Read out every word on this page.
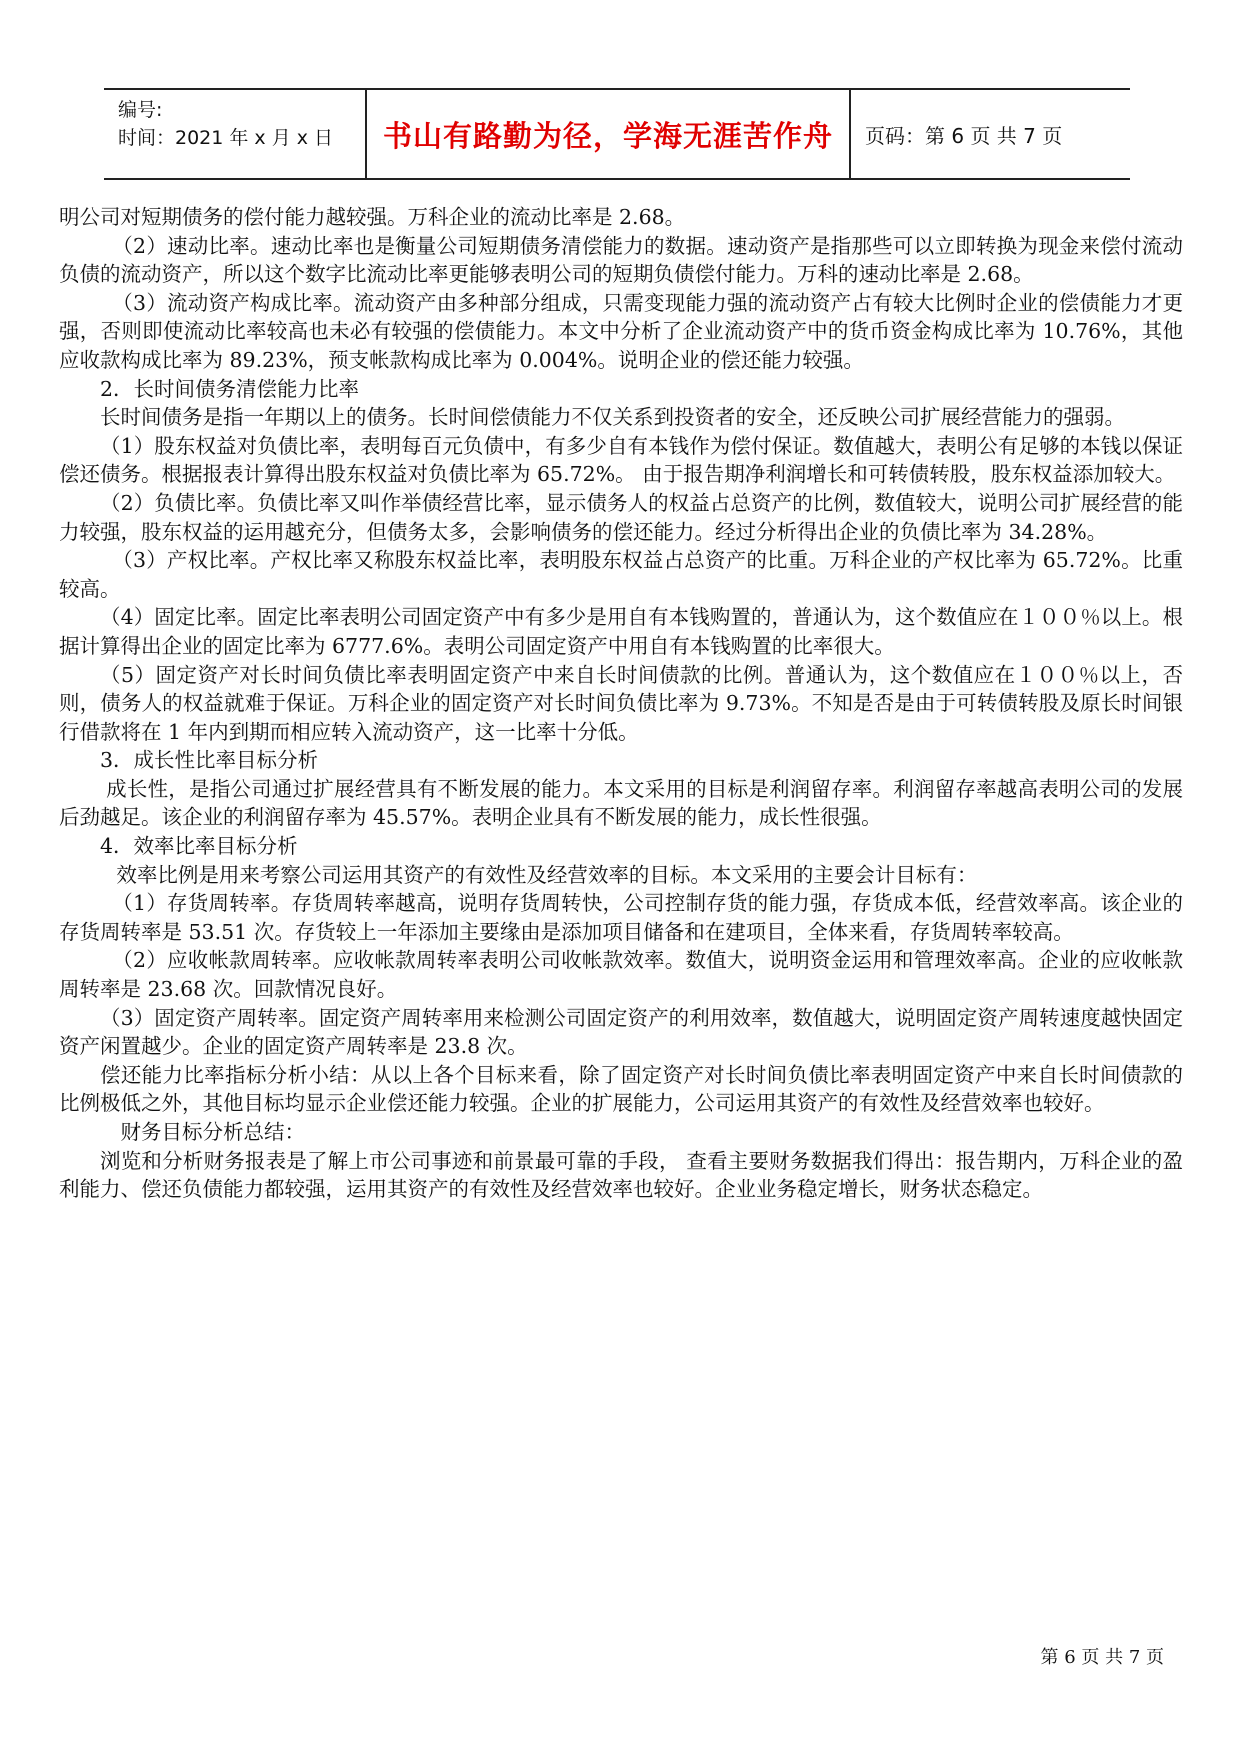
编号:
时间：2021 年 x 月 x 日	书山有路勤为径，学海无涯苦作舟 页码：第 6 页 共 7 页

明公司对短期债务的偿付能力越较强。万科企业的流动比率是 2.68。

（2）速动比率。速动比率也是衡量公司短期债务清偿能力的数据。速动资产是指那些可以立即转换为现金来偿付流动负债的流动资产，所以这个数字比流动比率更能够表明公司的短期负债偿付能力。万科的速动比率是 2.68。

（3）流动资产构成比率。流动资产由多种部分组成，只需变现能力强的流动资产占有较大比例时企业的偿债能力才更强，否则即使流动比率较高也未必有较强的偿债能力。本文中分析了企业流动资产中的货币资金构成比率为 10.76%，其他应收款构成比率为 89.23%，预支帐款构成比率为 0.004%。说明企业的偿还能力较强。

2．长时间债务清偿能力比率

长时间债务是指一年期以上的债务。长时间偿债能力不仅关系到投资者的安全，还反映公司扩展经营能力的强弱。

（1）股东权益对负债比率，表明每百元负债中，有多少自有本钱作为偿付保证。数值越大，表明公有足够的本钱以保证偿还债务。根据报表计算得出股东权益对负债比率为 65.72%。 由于报告期净利润增长和可转债转股，股东权益添加较大。

（2）负债比率。负债比率又叫作举债经营比率，显示债务人的权益占总资产的比例，数值较大，说明公司扩展经营的能力较强，股东权益的运用越充分，但债务太多，会影响债务的偿还能力。经过分析得出企业的负债比率为 34.28%。

（3）产权比率。产权比率又称股东权益比率，表明股东权益占总资产的比重。万科企业的产权比率为 65.72%。比重较高。

（4）固定比率。固定比率表明公司固定资产中有多少是用自有本钱购置的，普通认为，这个数值应在１００％以上。根据计算得出企业的固定比率为 6777.6%。表明公司固定资产中用自有本钱购置的比率很大。

（5）固定资产对长时间负债比率表明固定资产中来自长时间债款的比例。普通认为，这个数值应在１００％以上，否则，债务人的权益就难于保证。万科企业的固定资产对长时间负债比率为 9.73%。不知是否是由于可转债转股及原长时间银行借款将在 1 年内到期而相应转入流动资产，这一比率十分低。

3．成长性比率目标分析

成长性，是指公司通过扩展经营具有不断发展的能力。本文采用的目标是利润留存率。利润留存率越高表明公司的发展后劲越足。该企业的利润留存率为 45.57%。表明企业具有不断发展的能力，成长性很强。

4．效率比率目标分析

效率比例是用来考察公司运用其资产的有效性及经营效率的目标。本文采用的主要会计目标有：

（1）存货周转率。存货周转率越高，说明存货周转快，公司控制存货的能力强，存货成本低，经营效率高。该企业的存货周转率是 53.51 次。存货较上一年添加主要缘由是添加项目储备和在建项目，全体来看，存货周转率较高。

（2）应收帐款周转率。应收帐款周转率表明公司收帐款效率。数值大，说明资金运用和管理效率高。企业的应收帐款周转率是 23.68 次。回款情况良好。

（3）固定资产周转率。固定资产周转率用来检测公司固定资产的利用效率，数值越大，说明固定资产周转速度越快固定资产闲置越少。企业的固定资产周转率是 23.8 次。

偿还能力比率指标分析小结：从以上各个目标来看，除了固定资产对长时间负债比率表明固定资产中来自长时间债款的比例极低之外，其他目标均显示企业偿还能力较强。企业的扩展能力，公司运用其资产的有效性及经营效率也较好。

财务目标分析总结：

浏览和分析财务报表是了解上市公司事迹和前景最可靠的手段， 查看主要财务数据我们得出：报告期内，万科企业的盈利能力、偿还负债能力都较强，运用其资产的有效性及经营效率也较好。企业业务稳定增长，财务状态稳定。

第 6 页 共 7 页
